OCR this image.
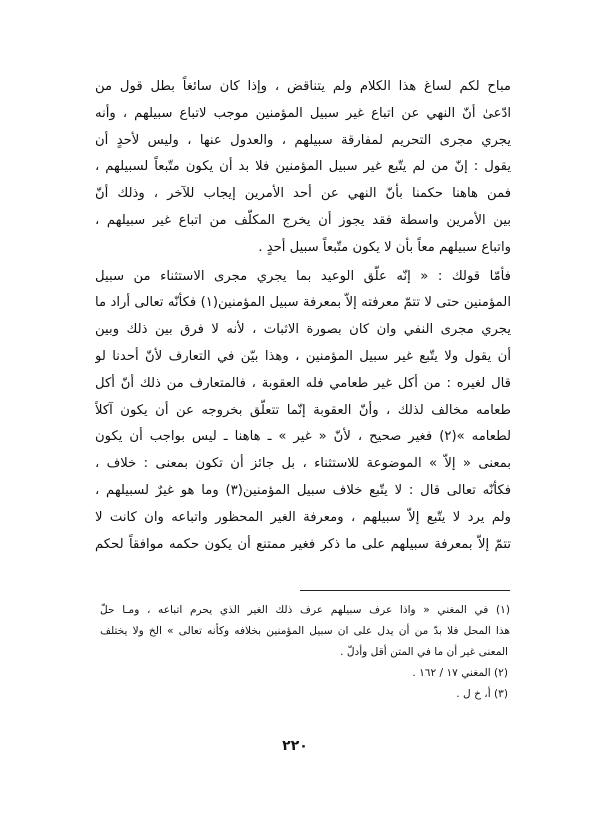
مباح لكم لساغ هذا الكلام ولم يتناقض ، وإذا كان سائغاً بطل قول من
ادّعىٰ أنّ النهي عن اتباع غير سبيل المؤمنين موجب لاتباع سبيلهم ، وأنه
يجري مجرى التحريم لمفارقة سبيلهم ، والعدول عنها ، وليس لأحدٍ أن
يقول : إنّ من لم يتّبع غير سبيل المؤمنين فلا بد أن يكون متّبعاً لسبيلهم ،
فمن هاهنا حكمنا بأنّ النهي عن أحد الأمرين إيجاب للآخر ، وذلك أنّ
بين الأمرين واسطة فقد يجوز أن يخرج المكلّف من اتباع غير سبيلهم ،
واتباع سبيلهم معاً بأن لا يكون متّبعاً سبيل أحدٍ .
فأمّا قولك : « إنّه علّق الوعيد بما يجري مجرى الاستثناء من سبيل
المؤمنين حتى لا تتمّ معرفته إلاّ بمعرفة سبيل المؤمنين(١) فكأنّه تعالى أراد ما
يجري مجرى النفي وان كان بصورة الاثبات ، لأنه لا فرق بين ذلك وبين
أن يقول ولا يتّبع غير سبيل المؤمنين ، وهذا بيّن في التعارف لأنّ أحدنا لو
قال لغيره : من أكل غير طعامي فله العقوبة ، فالمتعارف من ذلك أنّ أكل
طعامه مخالف لذلك ، وأنّ العقوبة إنّما تتعلّق بخروجه عن أن يكون آكلاً
لطعامه »(٢) فغير صحيح ، لأنّ « غير » ـ هاهنا ـ ليس بواجب أن يكون
بمعنى « إلاّ » الموضوعة للاستثناء ، بل جائز أن تكون بمعنى : خلاف ،
فكأنّه تعالى قال : لا يتّبع خلاف سبيل المؤمنين(٣) وما هو غيرٌ لسبيلهم ،
ولم يرد لا يتّبع إلاّ سبيلهم ، ومعرفة الغير المحظور واتباعه وان كانت لا
تتمّ إلاّ بمعرفة سبيلهم على ما ذكر فغير ممتنع أن يكون حكمه موافقاً لحكم
(١) في المغني « واذا عرف سبيلهم عرف ذلك الغير الذي يحرم اتباعه ، ومـا حلّ
هذا المحل فلا بدّ من أن يدل على ان سبيل المؤمنين بخلافه وكأنه تعالى » الخ ولا يختلف
المعنى غير أن ما في المتن أقل وأدلّ .
(٢) المغني ١٧ / ١٦٢ .
(٣) أ، خ ل .
٢٢٠
